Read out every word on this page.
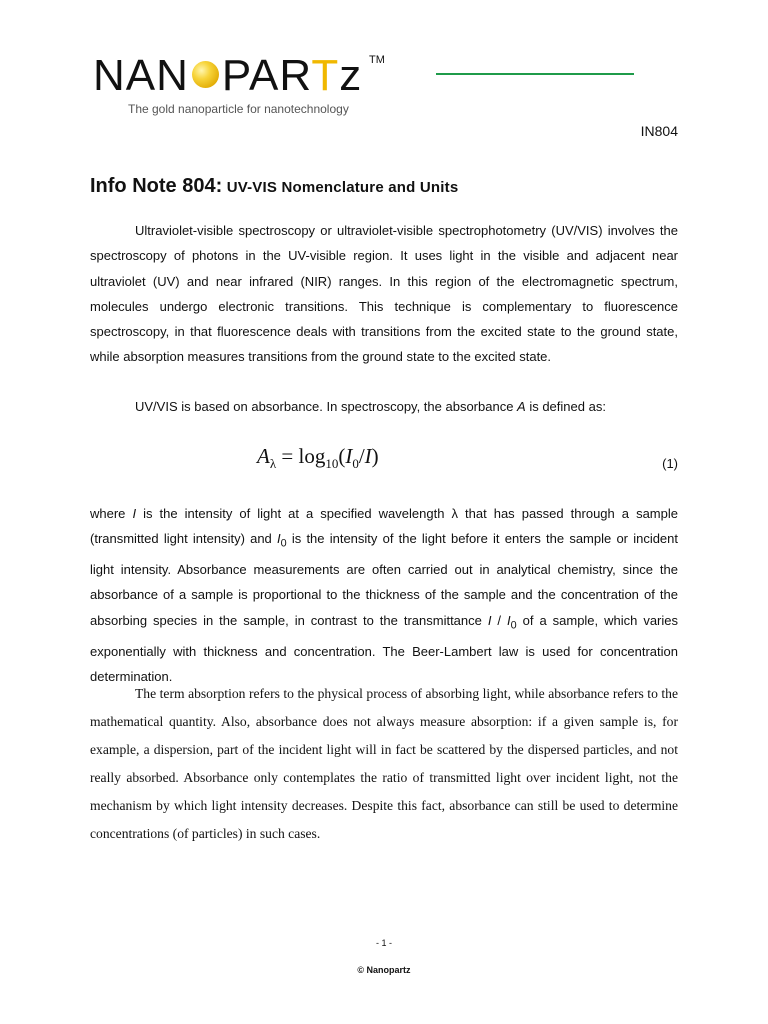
NAN PARTz TM
The gold nanoparticle for nanotechnology
IN804
Info Note 804: UV-VIS Nomenclature and Units
Ultraviolet-visible spectroscopy or ultraviolet-visible spectrophotometry (UV/VIS) involves the spectroscopy of photons in the UV-visible region. It uses light in the visible and adjacent near ultraviolet (UV) and near infrared (NIR) ranges. In this region of the electromagnetic spectrum, molecules undergo electronic transitions. This technique is complementary to fluorescence spectroscopy, in that fluorescence deals with transitions from the excited state to the ground state, while absorption measures transitions from the ground state to the excited state.
UV/VIS is based on absorbance. In spectroscopy, the absorbance A is defined as:
$A_\lambda = \log_{10}(I_0/I)$	(1)
where I is the intensity of light at a specified wavelength λ that has passed through a sample (transmitted light intensity) and $I_0$ is the intensity of the light before it enters the sample or incident light intensity. Absorbance measurements are often carried out in analytical chemistry, since the absorbance of a sample is proportional to the thickness of the sample and the concentration of the absorbing species in the sample, in contrast to the transmittance I / $I_0$ of a sample, which varies exponentially with thickness and concentration. The Beer-Lambert law is used for concentration determination.
The term absorption refers to the physical process of absorbing light, while absorbance refers to the mathematical quantity. Also, absorbance does not always measure absorption: if a given sample is, for example, a dispersion, part of the incident light will in fact be scattered by the dispersed particles, and not really absorbed. Absorbance only contemplates the ratio of transmitted light over incident light, not the mechanism by which light intensity decreases. Despite this fact, absorbance can still be used to determine concentrations (of particles) in such cases.
- 1 -
© Nanopartz
